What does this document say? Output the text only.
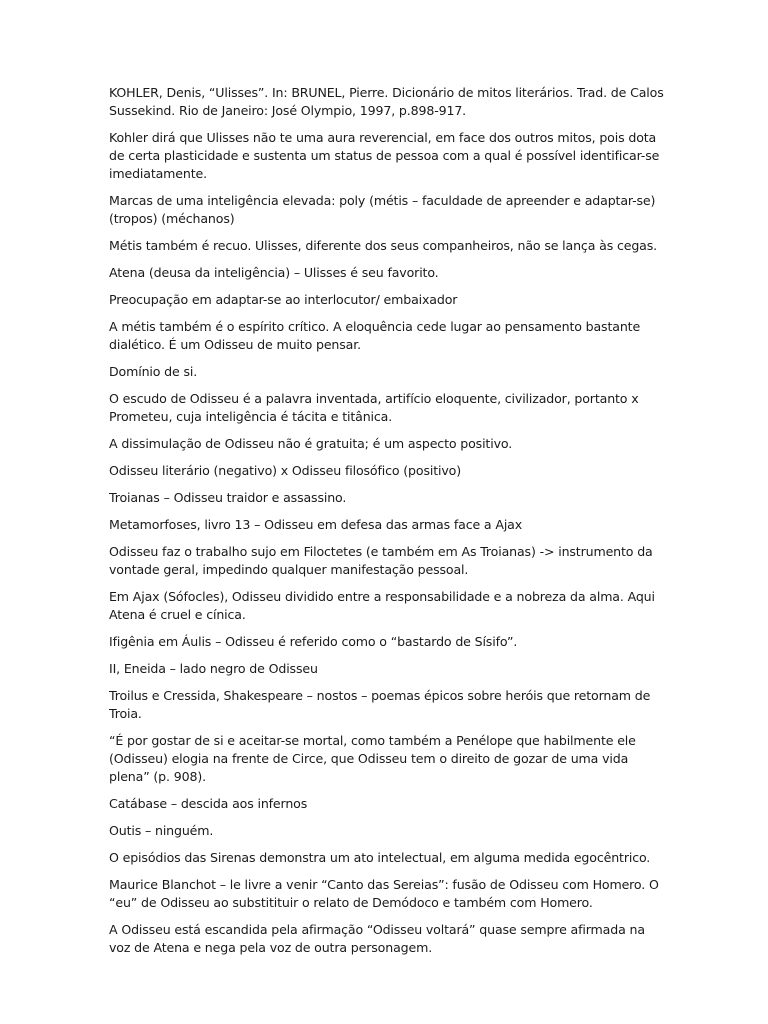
KOHLER, Denis, “Ulisses”. In: BRUNEL, Pierre. Dicionário de mitos literários. Trad. de Calos Sussekind. Rio de Janeiro: José Olympio, 1997, p.898-917.

Kohler dirá que Ulisses não te uma aura reverencial, em face dos outros mitos, pois dota de certa plasticidade e sustenta um status de pessoa com a qual é possível identificar-se imediatamente.

Marcas de uma inteligência elevada: poly (métis – faculdade de apreender e adaptar-se) (tropos) (méchanos)

Métis também é recuo. Ulisses, diferente dos seus companheiros, não se lança às cegas.

Atena (deusa da inteligência) – Ulisses é seu favorito.

Preocupação em adaptar-se ao interlocutor/ embaixador

A métis também é o espírito crítico. A eloquência cede lugar ao pensamento bastante dialético. É um Odisseu de muito pensar.

Domínio de si.

O escudo de Odisseu é a palavra inventada, artifício eloquente, civilizador, portanto x Prometeu, cuja inteligência é tácita e titânica.

A dissimulação de Odisseu não é gratuita; é um aspecto positivo.

Odisseu literário (negativo) x Odisseu filosófico (positivo)

Troianas – Odisseu traidor e assassino.

Metamorfoses, livro 13 – Odisseu em defesa das armas face a Ajax

Odisseu faz o trabalho sujo em Filoctetes (e também em As Troianas) -> instrumento da vontade geral, impedindo qualquer manifestação pessoal.

Em Ajax (Sófocles), Odisseu dividido entre a responsabilidade e a nobreza da alma. Aqui Atena é cruel e cínica.

Ifigênia em Áulis – Odisseu é referido como o “bastardo de Sísifo”.

II, Eneida – lado negro de Odisseu

Troilus e Cressida, Shakespeare – nostos – poemas épicos sobre heróis que retornam de Troia.

“É por gostar de si e aceitar-se mortal, como também a Penélope que habilmente ele (Odisseu) elogia na frente de Circe, que Odisseu tem o direito de gozar de uma vida plena” (p. 908).

Catábase – descida aos infernos

Outis – ninguém.

O episódios das Sirenas demonstra um ato intelectual, em alguma medida egocêntrico.

Maurice Blanchot – le livre a venir “Canto das Sereias”: fusão de Odisseu com Homero. O “eu” de Odisseu ao substitituir o relato de Demódoco e também com Homero.

A Odisseu está escandida pela afirmação “Odisseu voltará” quase sempre afirmada na voz de Atena e nega pela voz de outra personagem.
